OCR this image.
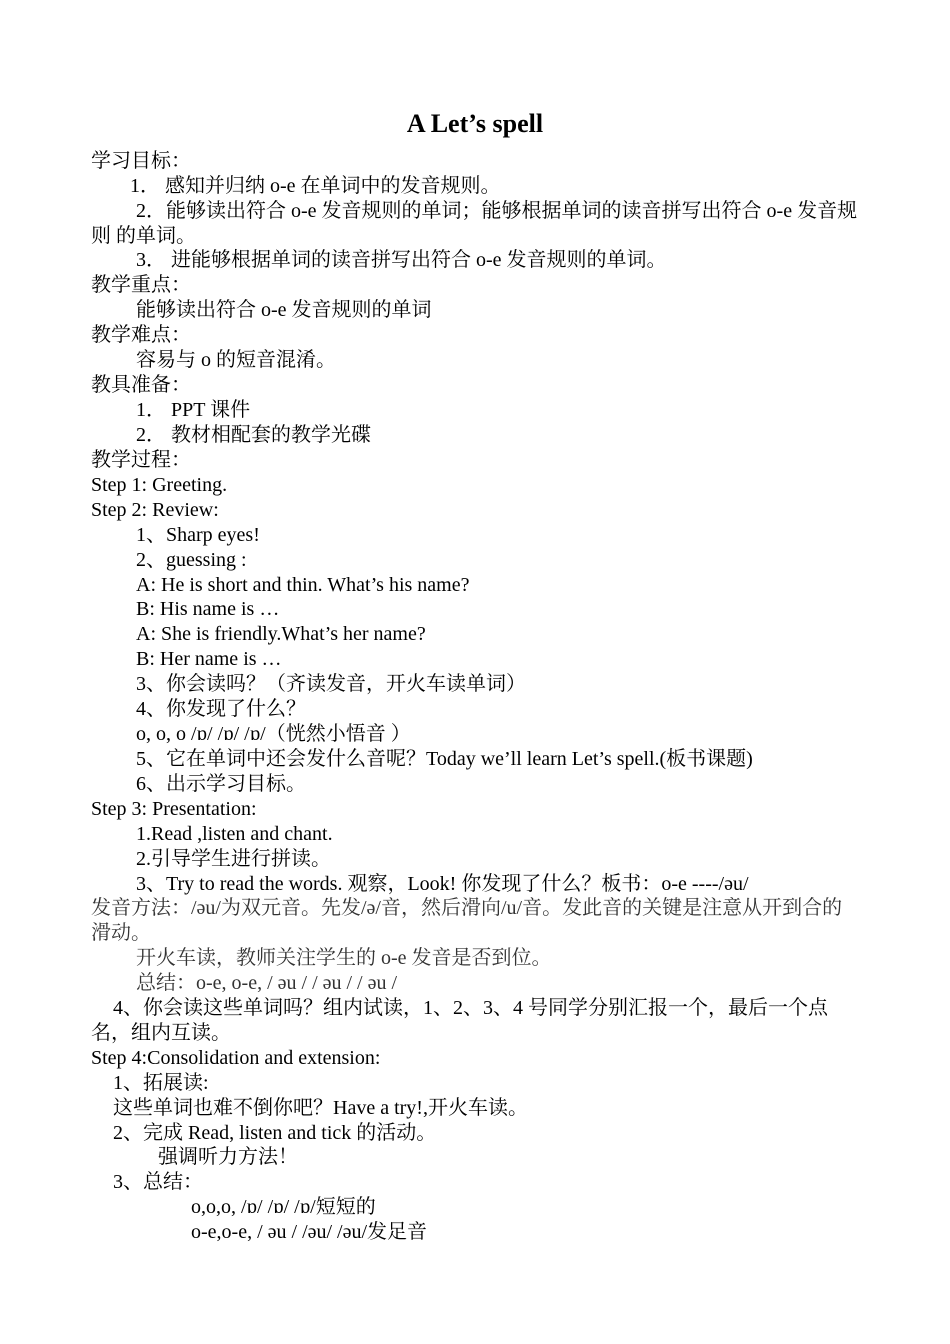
A Let’s spell
学习目标：
1． 感知并归纳 o-e 在单词中的发音规则。
2．能够读出符合 o-e 发音规则的单词；能够根据单词的读音拼写出符合 o-e 发音规则 的单词。
3． 进能够根据单词的读音拼写出符合 o-e 发音规则的单词。
教学重点：
能够读出符合 o-e 发音规则的单词
教学难点：
容易与 o 的短音混淆。
教具准备：
1． PPT 课件
2． 教材相配套的教学光碟
教学过程：
Step 1: Greeting.
Step 2: Review:
1、Sharp eyes!
2、guessing :
A: He is short and thin. What’s his name?
B: His name is …
A: She is friendly.What’s her name?
B: Her name is …
3、你会读吗？（齐读发音，开火车读单词）
4、你发现了什么？
o, o, o /ɒ/ /ɒ/ /ɒ/（恍然小悟音 ）
5、它在单词中还会发什么音呢？Today we’ll learn Let’s spell.(板书课题)
6、出示学习目标。
Step 3: Presentation:
1.Read ,listen and chant.
2.引导学生进行拼读。
3、Try to read the words. 观察，Look! 你发现了什么？板书：o-e ----/əu/
发音方法：/əu/为双元音。先发/ə/音，然后滑向/u/音。发此音的关键是注意从开到合的滑动。
开火车读，教师关注学生的 o-e 发音是否到位。
总结：o-e, o-e, / əu / / əu / / əu /
4、你会读这些单词吗？组内试读，1、2、3、4 号同学分别汇报一个，最后一个点名，组内互读。
Step 4:Consolidation and extension:
1、拓展读:
这些单词也难不倒你吧？Have a try!,开火车读。
2、完成 Read, listen and tick 的活动。
强调听力方法！
3、总结：
o,o,o, /ɒ/ /ɒ/ /ɒ/短短的
o-e,o-e, / əu / /əu/ /əu/发足音
